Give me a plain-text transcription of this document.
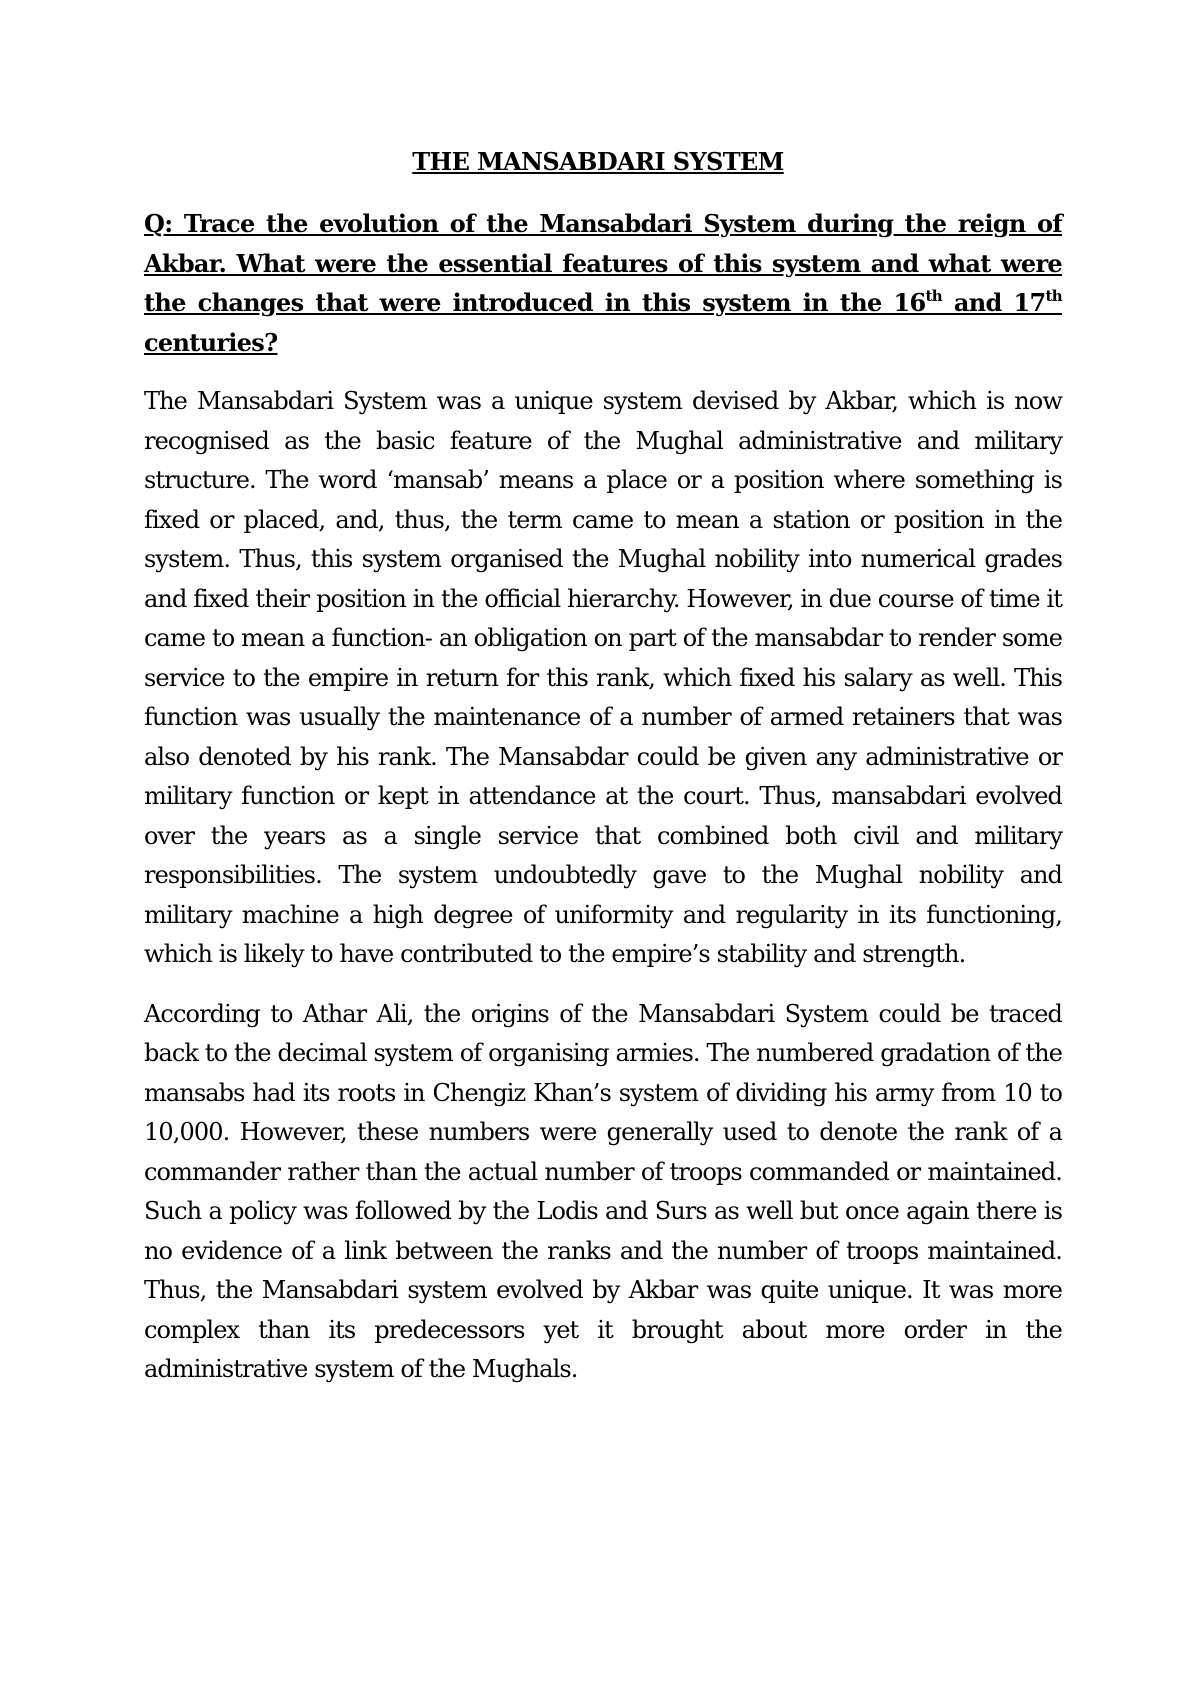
THE MANSABDARI SYSTEM
Q: Trace the evolution of the Mansabdari System during the reign of Akbar. What were the essential features of this system and what were the changes that were introduced in this system in the 16th and 17th centuries?

The Mansabdari System was a unique system devised by Akbar, which is now recognised as the basic feature of the Mughal administrative and military structure. The word ‘mansab’ means a place or a position where something is fixed or placed, and, thus, the term came to mean a station or position in the system. Thus, this system organised the Mughal nobility into numerical grades and fixed their position in the official hierarchy. However, in due course of time it came to mean a function- an obligation on part of the mansabdar to render some service to the empire in return for this rank, which fixed his salary as well. This function was usually the maintenance of a number of armed retainers that was also denoted by his rank. The Mansabdar could be given any administrative or military function or kept in attendance at the court. Thus, mansabdari evolved over the years as a single service that combined both civil and military responsibilities. The system undoubtedly gave to the Mughal nobility and military machine a high degree of uniformity and regularity in its functioning, which is likely to have contributed to the empire’s stability and strength.

According to Athar Ali, the origins of the Mansabdari System could be traced back to the decimal system of organising armies. The numbered gradation of the mansabs had its roots in Chengiz Khan’s system of dividing his army from 10 to 10,000. However, these numbers were generally used to denote the rank of a commander rather than the actual number of troops commanded or maintained. Such a policy was followed by the Lodis and Surs as well but once again there is no evidence of a link between the ranks and the number of troops maintained. Thus, the Mansabdari system evolved by Akbar was quite unique. It was more complex than its predecessors yet it brought about more order in the administrative system of the Mughals.
